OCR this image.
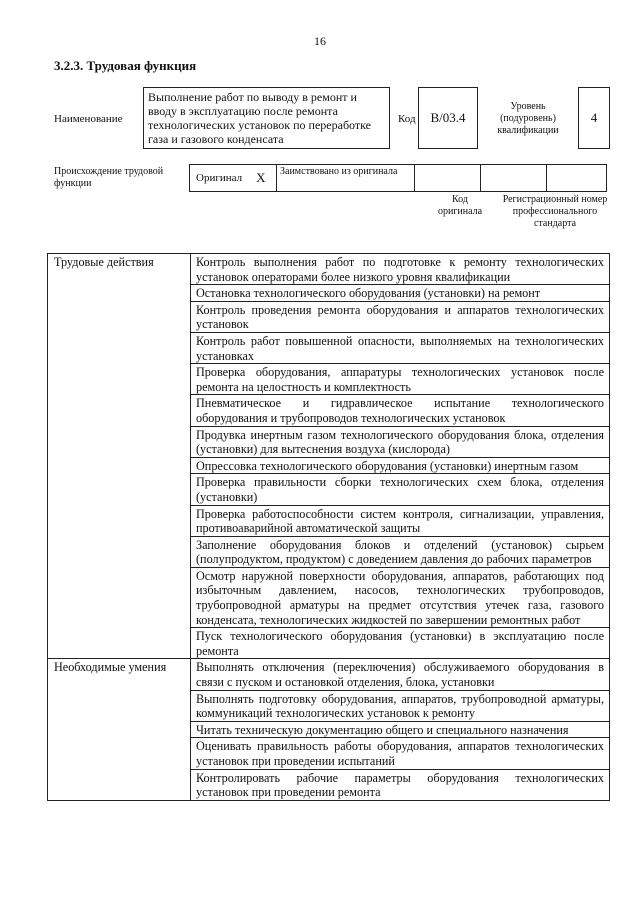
16
3.2.3. Трудовая функция
Наименование
Выполнение работ по выводу в ремонт и вводу в эксплуатацию после ремонта технологических установок по переработке газа и газового конденсата
Код	B/03.4
Уровень (подуровень) квалификации
4
Происхождение трудовой функции	Оригинал X	Заимствовано из оригинала
Код оригинала
Регистрационный номер профессионального стандарта
Трудовые действия	Контроль выполнения работ по подготовке к ремонту технологических установок операторами более низкого уровня квалификации
	Остановка технологического оборудования (установки) на ремонт
	Контроль проведения ремонта оборудования и аппаратов технологических установок
	Контроль работ повышенной опасности, выполняемых на технологических установках
	Проверка оборудования, аппаратуры технологических установок после ремонта на целостность и комплектность
	Пневматическое и гидравлическое испытание технологического оборудования и трубопроводов технологических установок
	Продувка инертным газом технологического оборудования блока, отделения (установки) для вытеснения воздуха (кислорода)
	Опрессовка технологического оборудования (установки) инертным газом
	Проверка правильности сборки технологических схем блока, отделения (установки)
	Проверка работоспособности систем контроля, сигнализации, управления, противоаварийной автоматической защиты
	Заполнение оборудования блоков и отделений (установок) сырьем (полупродуктом, продуктом) с доведением давления до рабочих параметров
	Осмотр наружной поверхности оборудования, аппаратов, работающих под избыточным давлением, насосов, технологических трубопроводов, трубопроводной арматуры на предмет отсутствия утечек газа, газового конденсата, технологических жидкостей по завершении ремонтных работ
	Пуск технологического оборудования (установки) в эксплуатацию после ремонта
Необходимые умения	Выполнять отключения (переключения) обслуживаемого оборудования в связи с пуском и остановкой отделения, блока, установки
	Выполнять подготовку оборудования, аппаратов, трубопроводной арматуры, коммуникаций технологических установок к ремонту
	Читать техническую документацию общего и специального назначения
	Оценивать правильность работы оборудования, аппаратов технологических установок при проведении испытаний
	Контролировать рабочие параметры оборудования технологических установок при проведении ремонта
